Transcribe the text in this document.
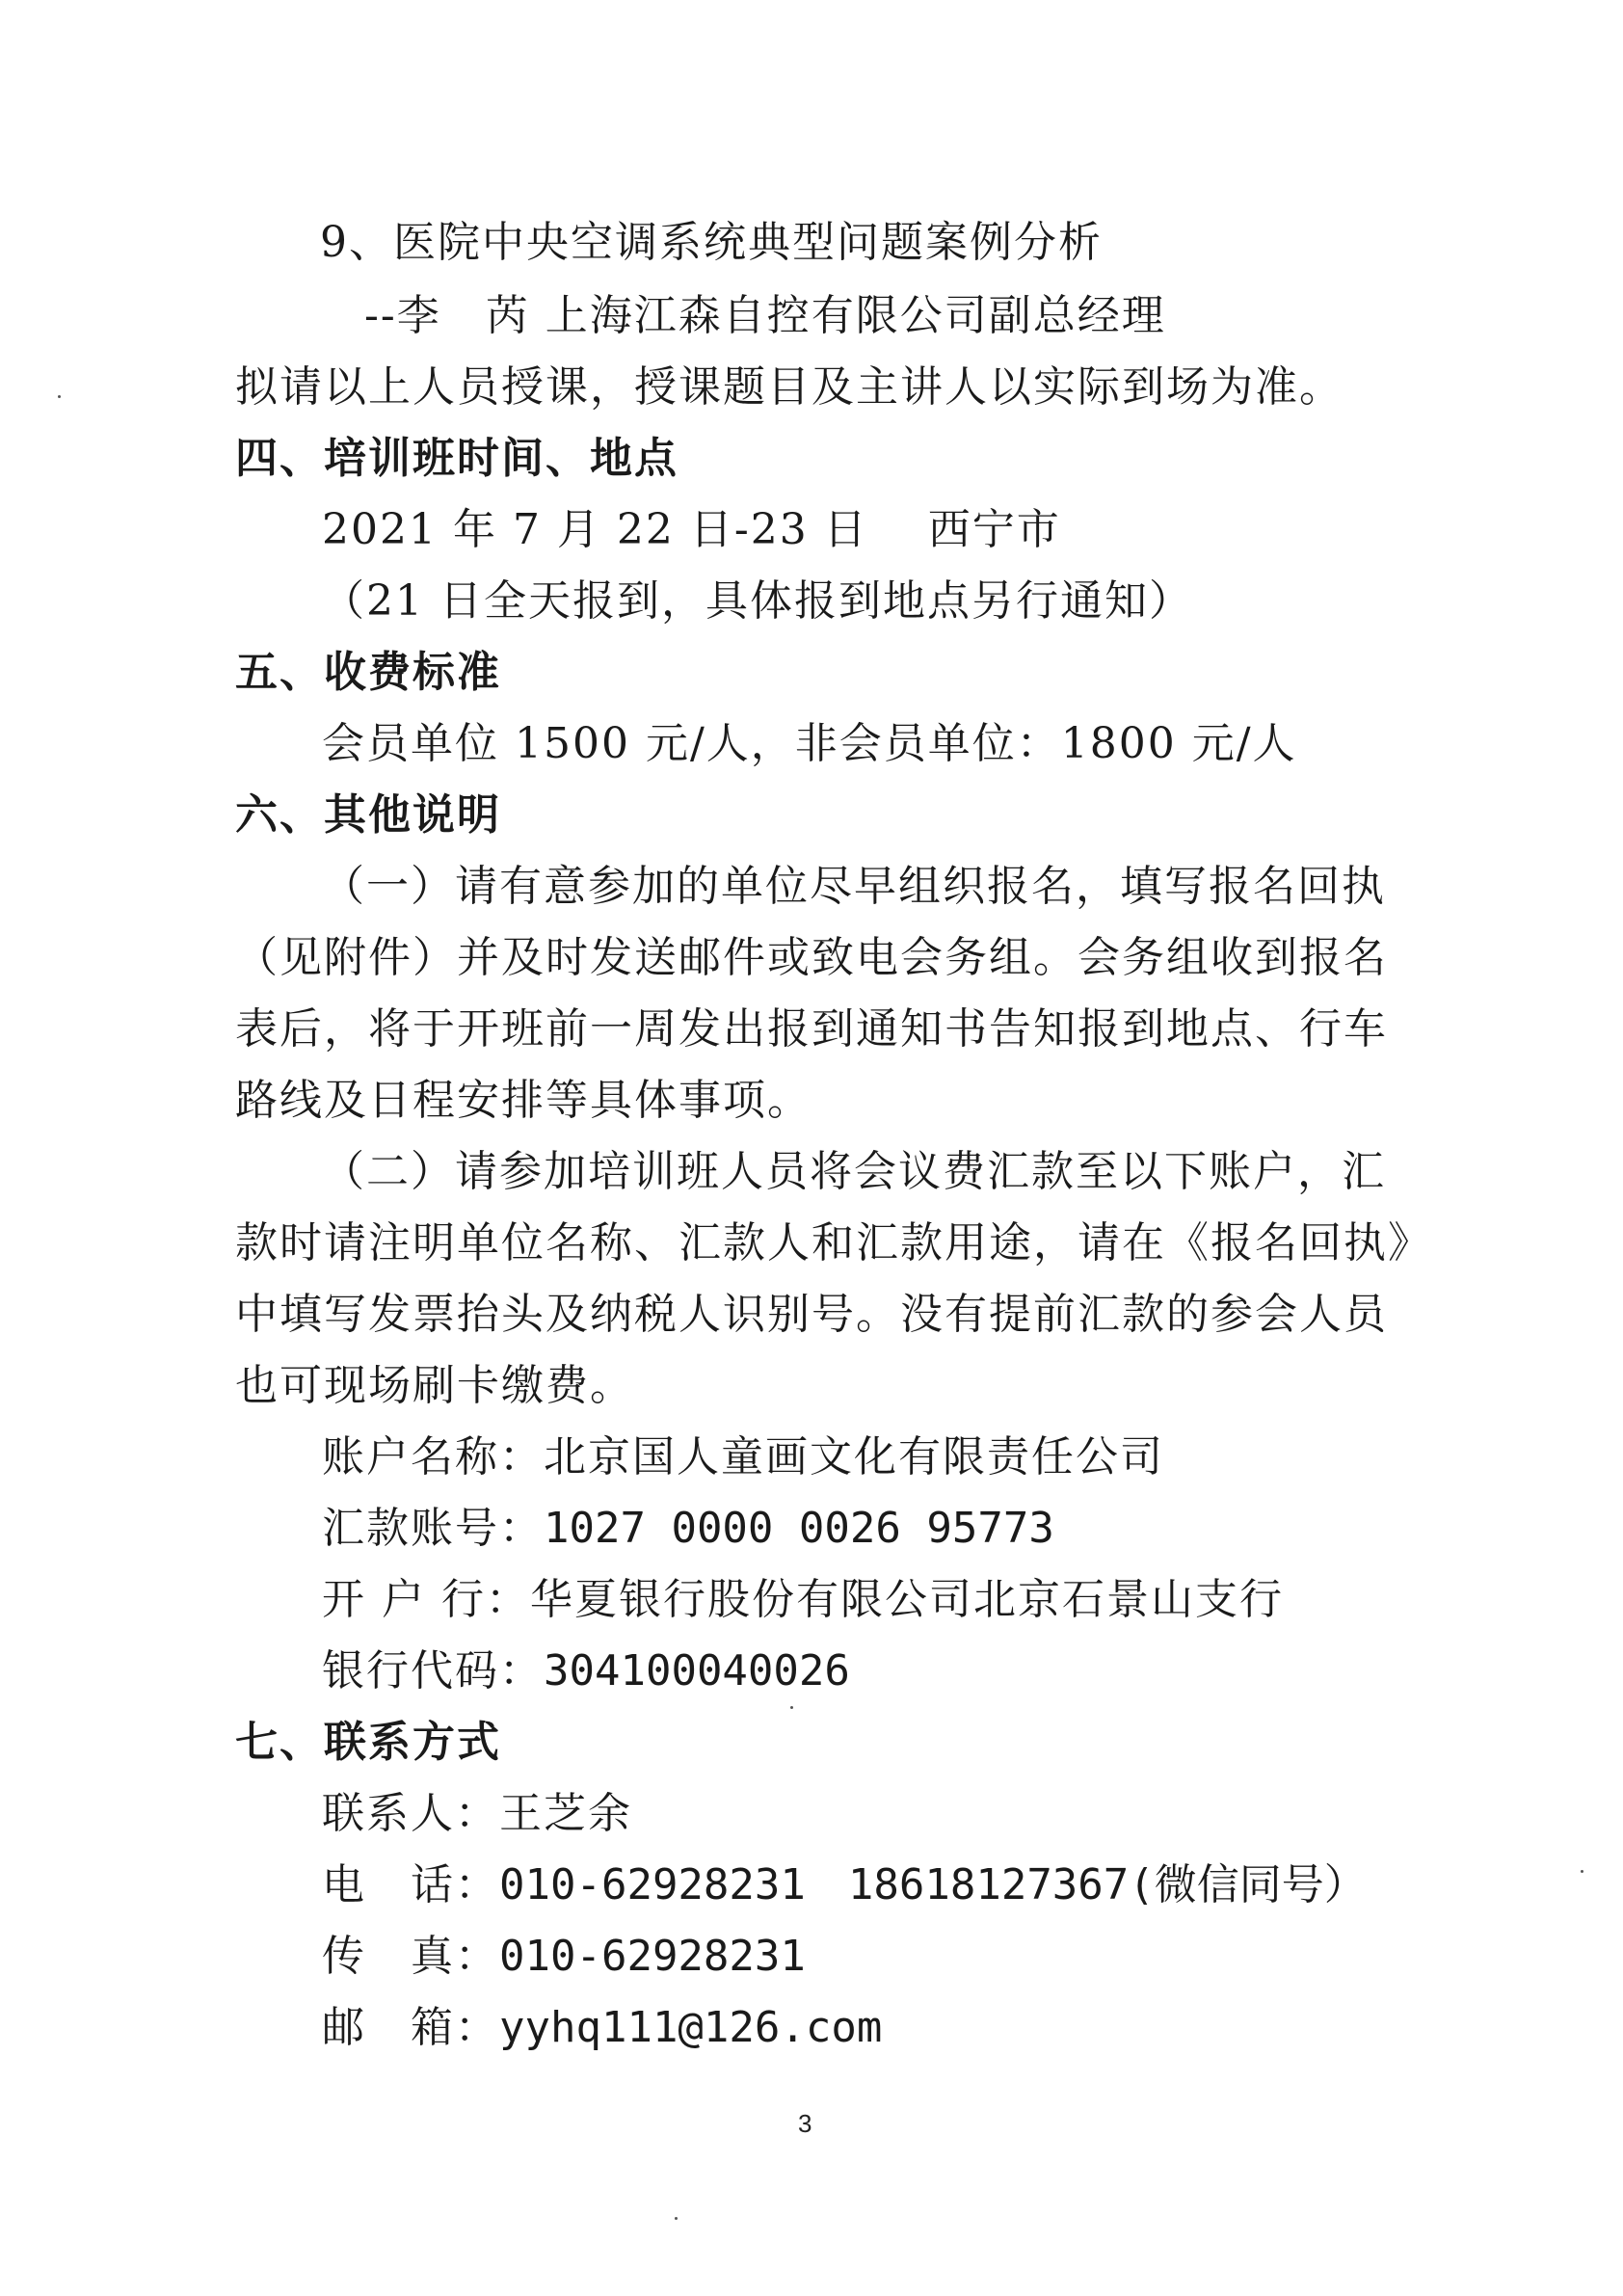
9、医院中央空调系统典型问题案例分析
--李　芮 上海江森自控有限公司副总经理
拟请以上人员授课，授课题目及主讲人以实际到场为准。
四、培训班时间、地点
2021 年 7 月 22 日-23 日　 西宁市
（21 日全天报到，具体报到地点另行通知）
五、收费标准
会员单位 1500 元/人，非会员单位：1800 元/人
六、其他说明
（一）请有意参加的单位尽早组织报名，填写报名回执
（见附件）并及时发送邮件或致电会务组。会务组收到报名
表后，将于开班前一周发出报到通知书告知报到地点、行车
路线及日程安排等具体事项。
（二）请参加培训班人员将会议费汇款至以下账户，汇
款时请注明单位名称、汇款人和汇款用途，请在《报名回执》
中填写发票抬头及纳税人识别号。没有提前汇款的参会人员
也可现场刷卡缴费。
账户名称：北京国人童画文化有限责任公司
汇款账号：1027 0000 0026 95773
开 户 行：华夏银行股份有限公司北京石景山支行
银行代码：304100040026
七、联系方式
联系人：王芝余
电　话：010-62928231　18618127367(微信同号）
传　真：010-62928231
邮　箱：yyhq111@126.com
3
